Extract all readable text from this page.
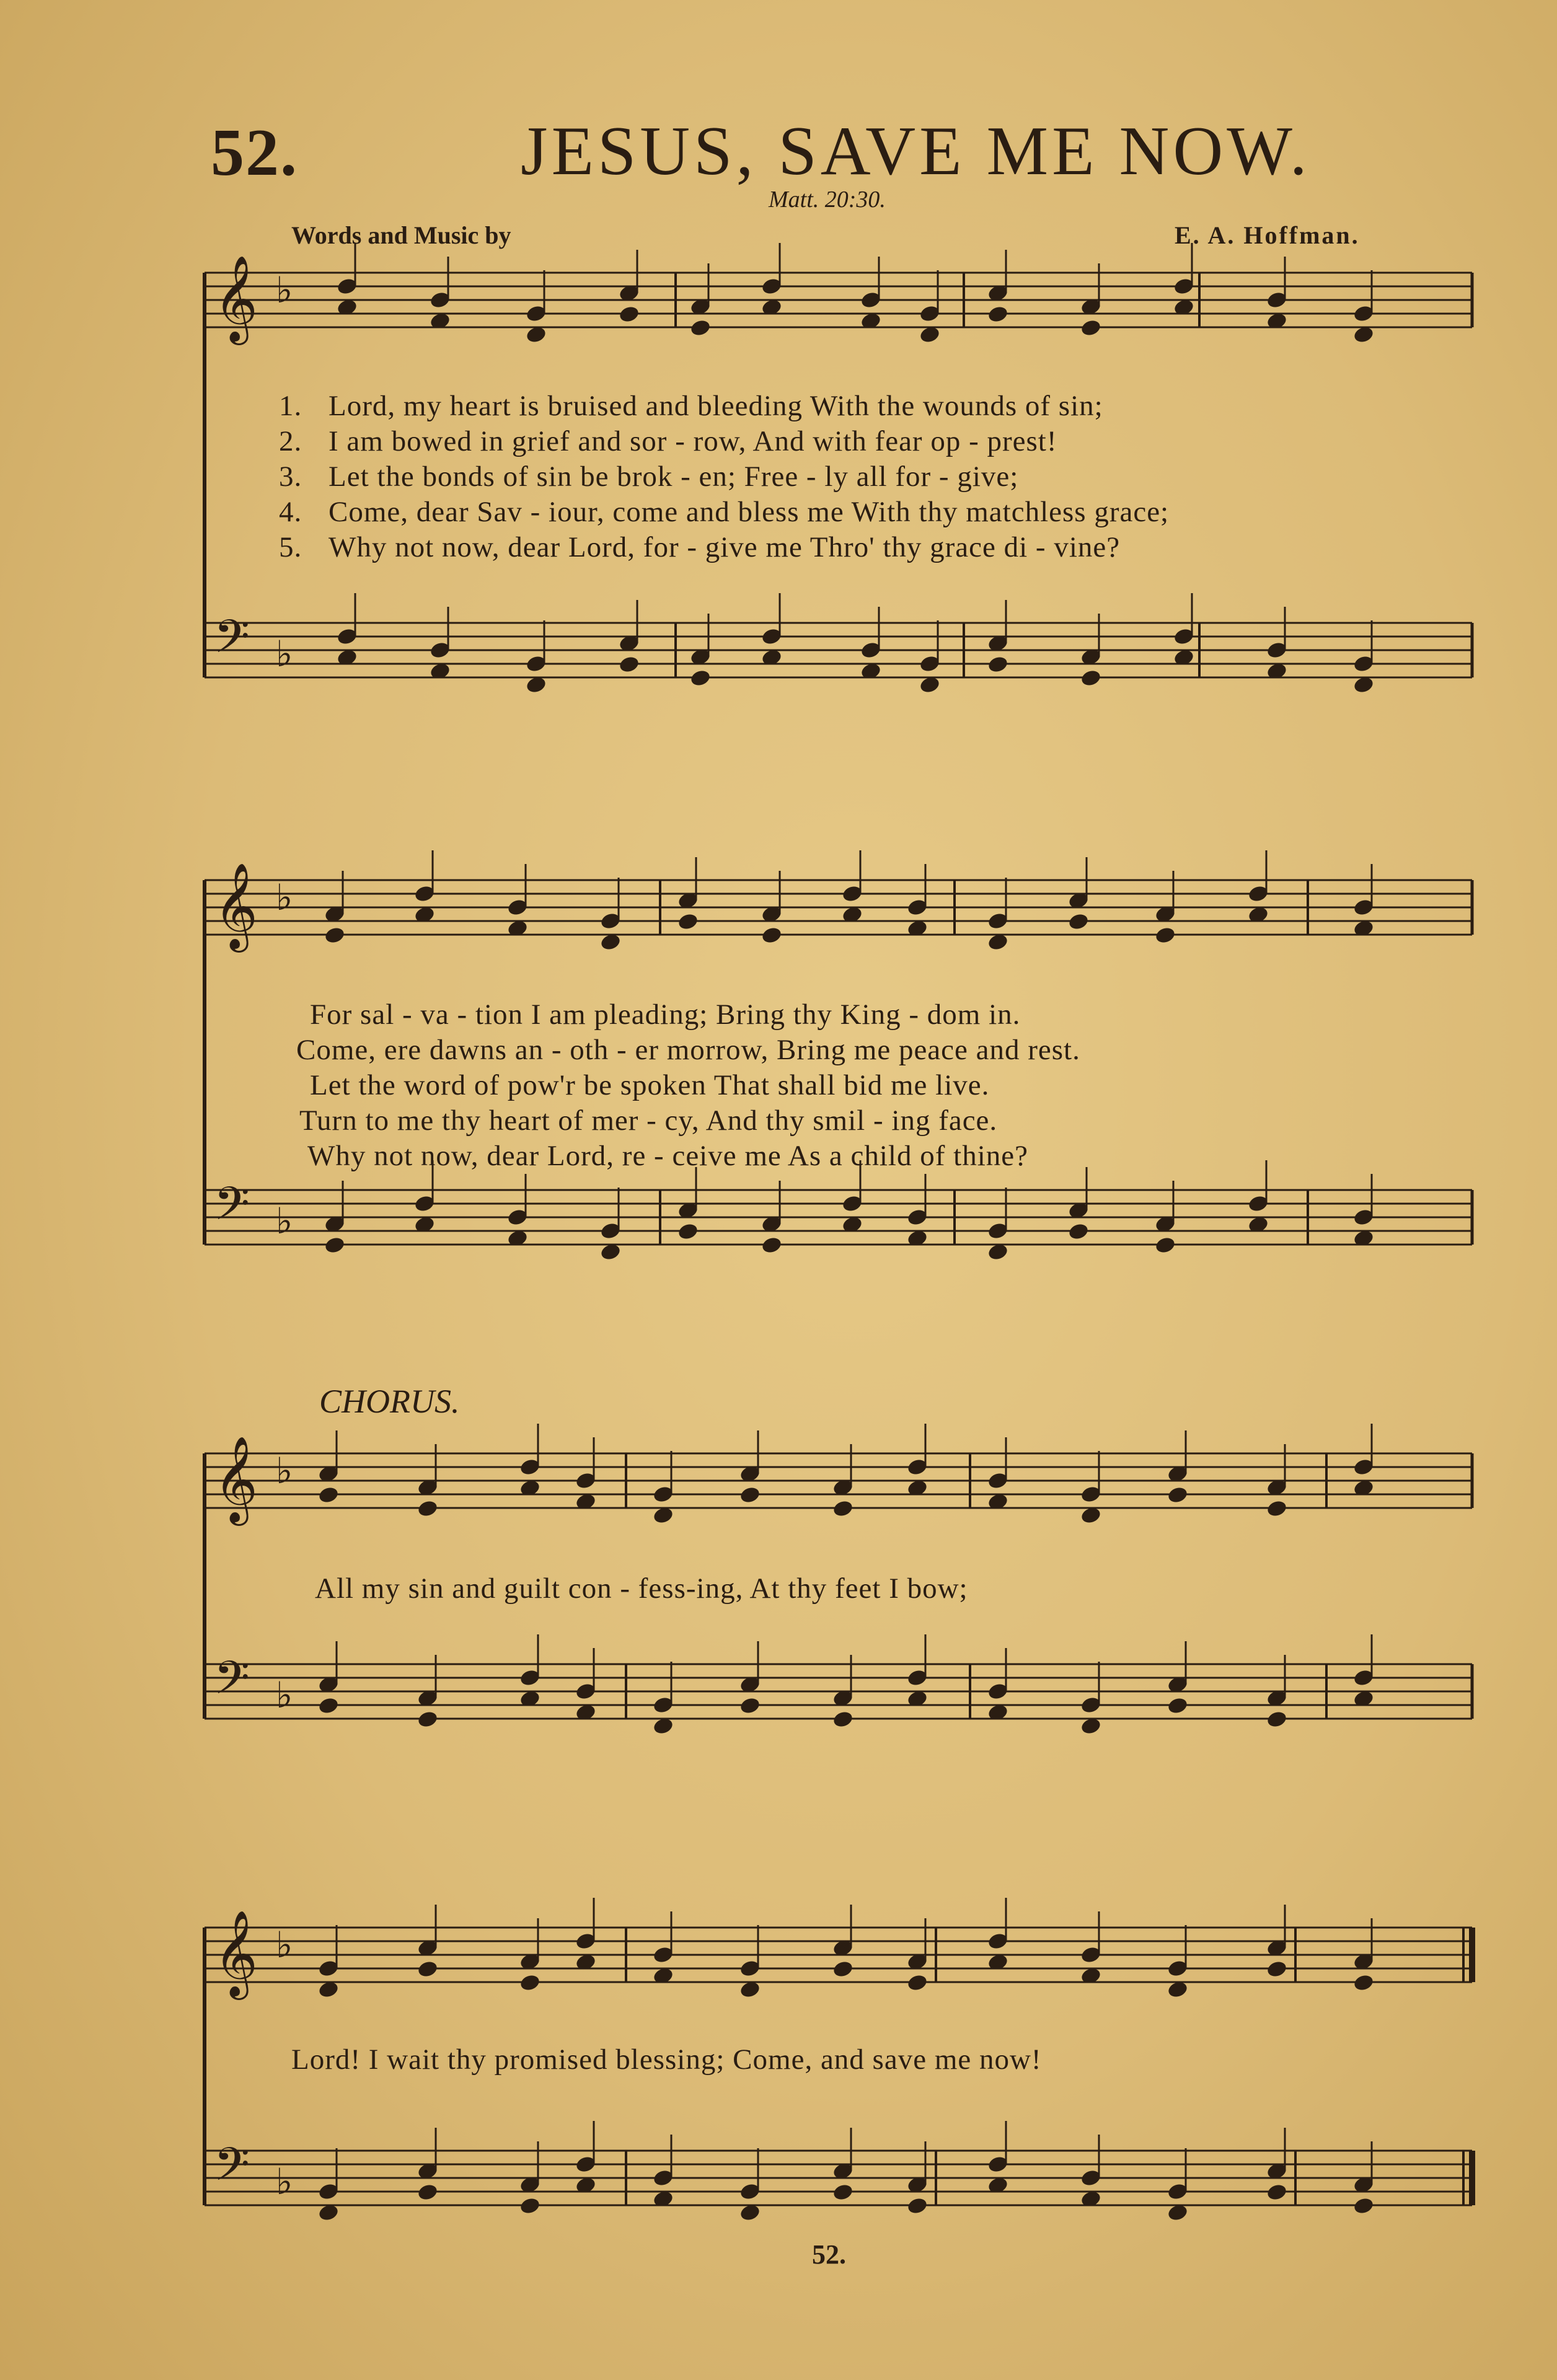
52.	JESUS, SAVE ME NOW.
Matt. 20:30.
Words and Music by	E. A. Hoffman.
𝄞 ♭
𝄢 ♭
𝄞 ♭
𝄢 ♭
𝄞 ♭
𝄢 ♭
𝄞 ♭
𝄢 ♭
1. Lord, my heart is bruised and bleeding With the wounds of sin;
2. I am bowed in grief and sor - row, And with fear op - prest!
3. Let the bonds of sin be brok - en; Free - ly all for - give;
4. Come, dear Sav - iour, come and bless me With thy matchless grace;
5. Why not now, dear Lord, for - give me Thro' thy grace di - vine?
For sal - va - tion I am pleading; Bring thy King - dom in.
Come, ere dawns an - oth - er morrow, Bring me peace and rest.
Let the word of pow'r be spoken That shall bid me live.
Turn to me thy heart of mer - cy, And thy smil - ing face.
Why not now, dear Lord, re - ceive me As a child of thine?
CHORUS.
All my sin and guilt con - fess-ing, At thy feet I bow;
Lord! I wait thy promised blessing; Come, and save me now!
52.
